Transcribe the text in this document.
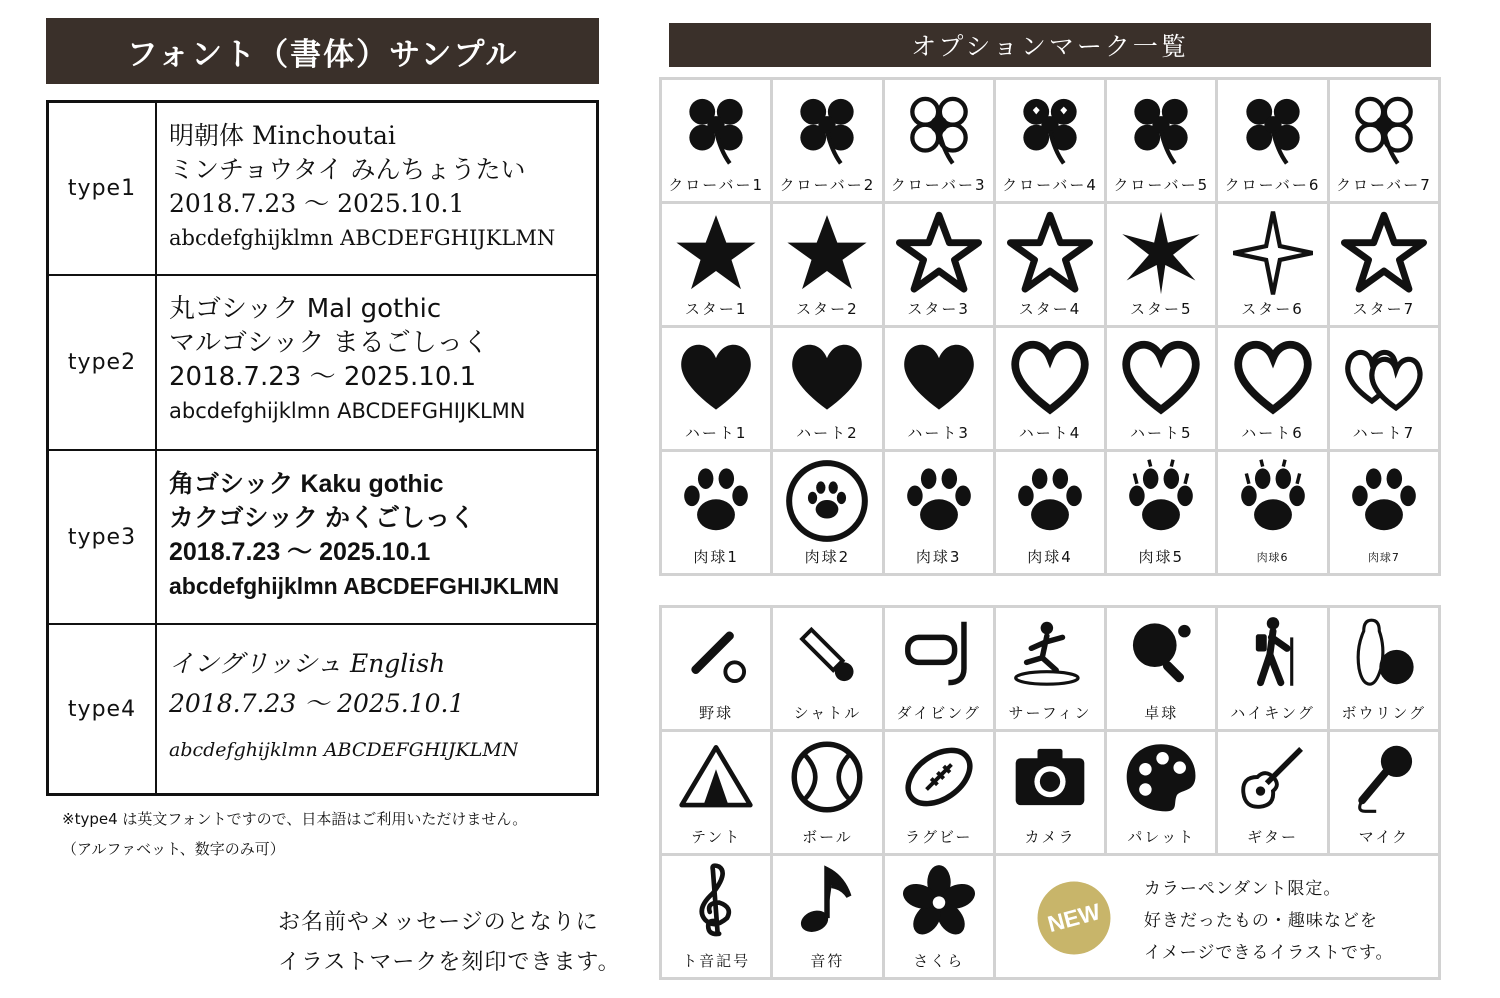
フォント（書体）サンプル
type1
明朝体 Minchoutai
ミンチョウタイ みんちょうたい
2018.7.23 ～ 2025.10.1
abcdefghijklmn ABCDEFGHIJKLMN
type2
丸ゴシック Mal gothic
マルゴシック まるごしっく
2018.7.23 ～ 2025.10.1
abcdefghijklmn ABCDEFGHIJKLMN
type3
角ゴシック Kaku gothic
カクゴシック かくごしっく
2018.7.23 ～ 2025.10.1
abcdefghijklmn ABCDEFGHIJKLMN
type4
イングリッシュ English
2018.7.23 ～ 2025.10.1
abcdefghijklmn ABCDEFGHIJKLMN
※type4 は英文フォントですので、日本語はご利用いただけません。
（アルファベット、数字のみ可）
お名前やメッセージのとなりに
イラストマークを刻印できます。
オプションマーク一覧
クローバー1	クローバー2	クローバー3	クローバー4	クローバー5	クローバー6	クローバー7
スター1	スター2	スター3	スター4	スター5	スター6	スター7
ハート1	ハート2	ハート3	ハート4	ハート5	ハート6	ハート7
肉球1	肉球2	肉球3	肉球4	肉球5	肉球6	肉球7
野球	シャトル	ダイビング	サーフィン	卓球	ハイキング	ボウリング
テント	ボール	ラグビー	カメラ	パレット	ギター	マイク
ト音記号	音符	さくら
NEW
カラーペンダント限定。
好きだったもの・趣味などを
イメージできるイラストです。
